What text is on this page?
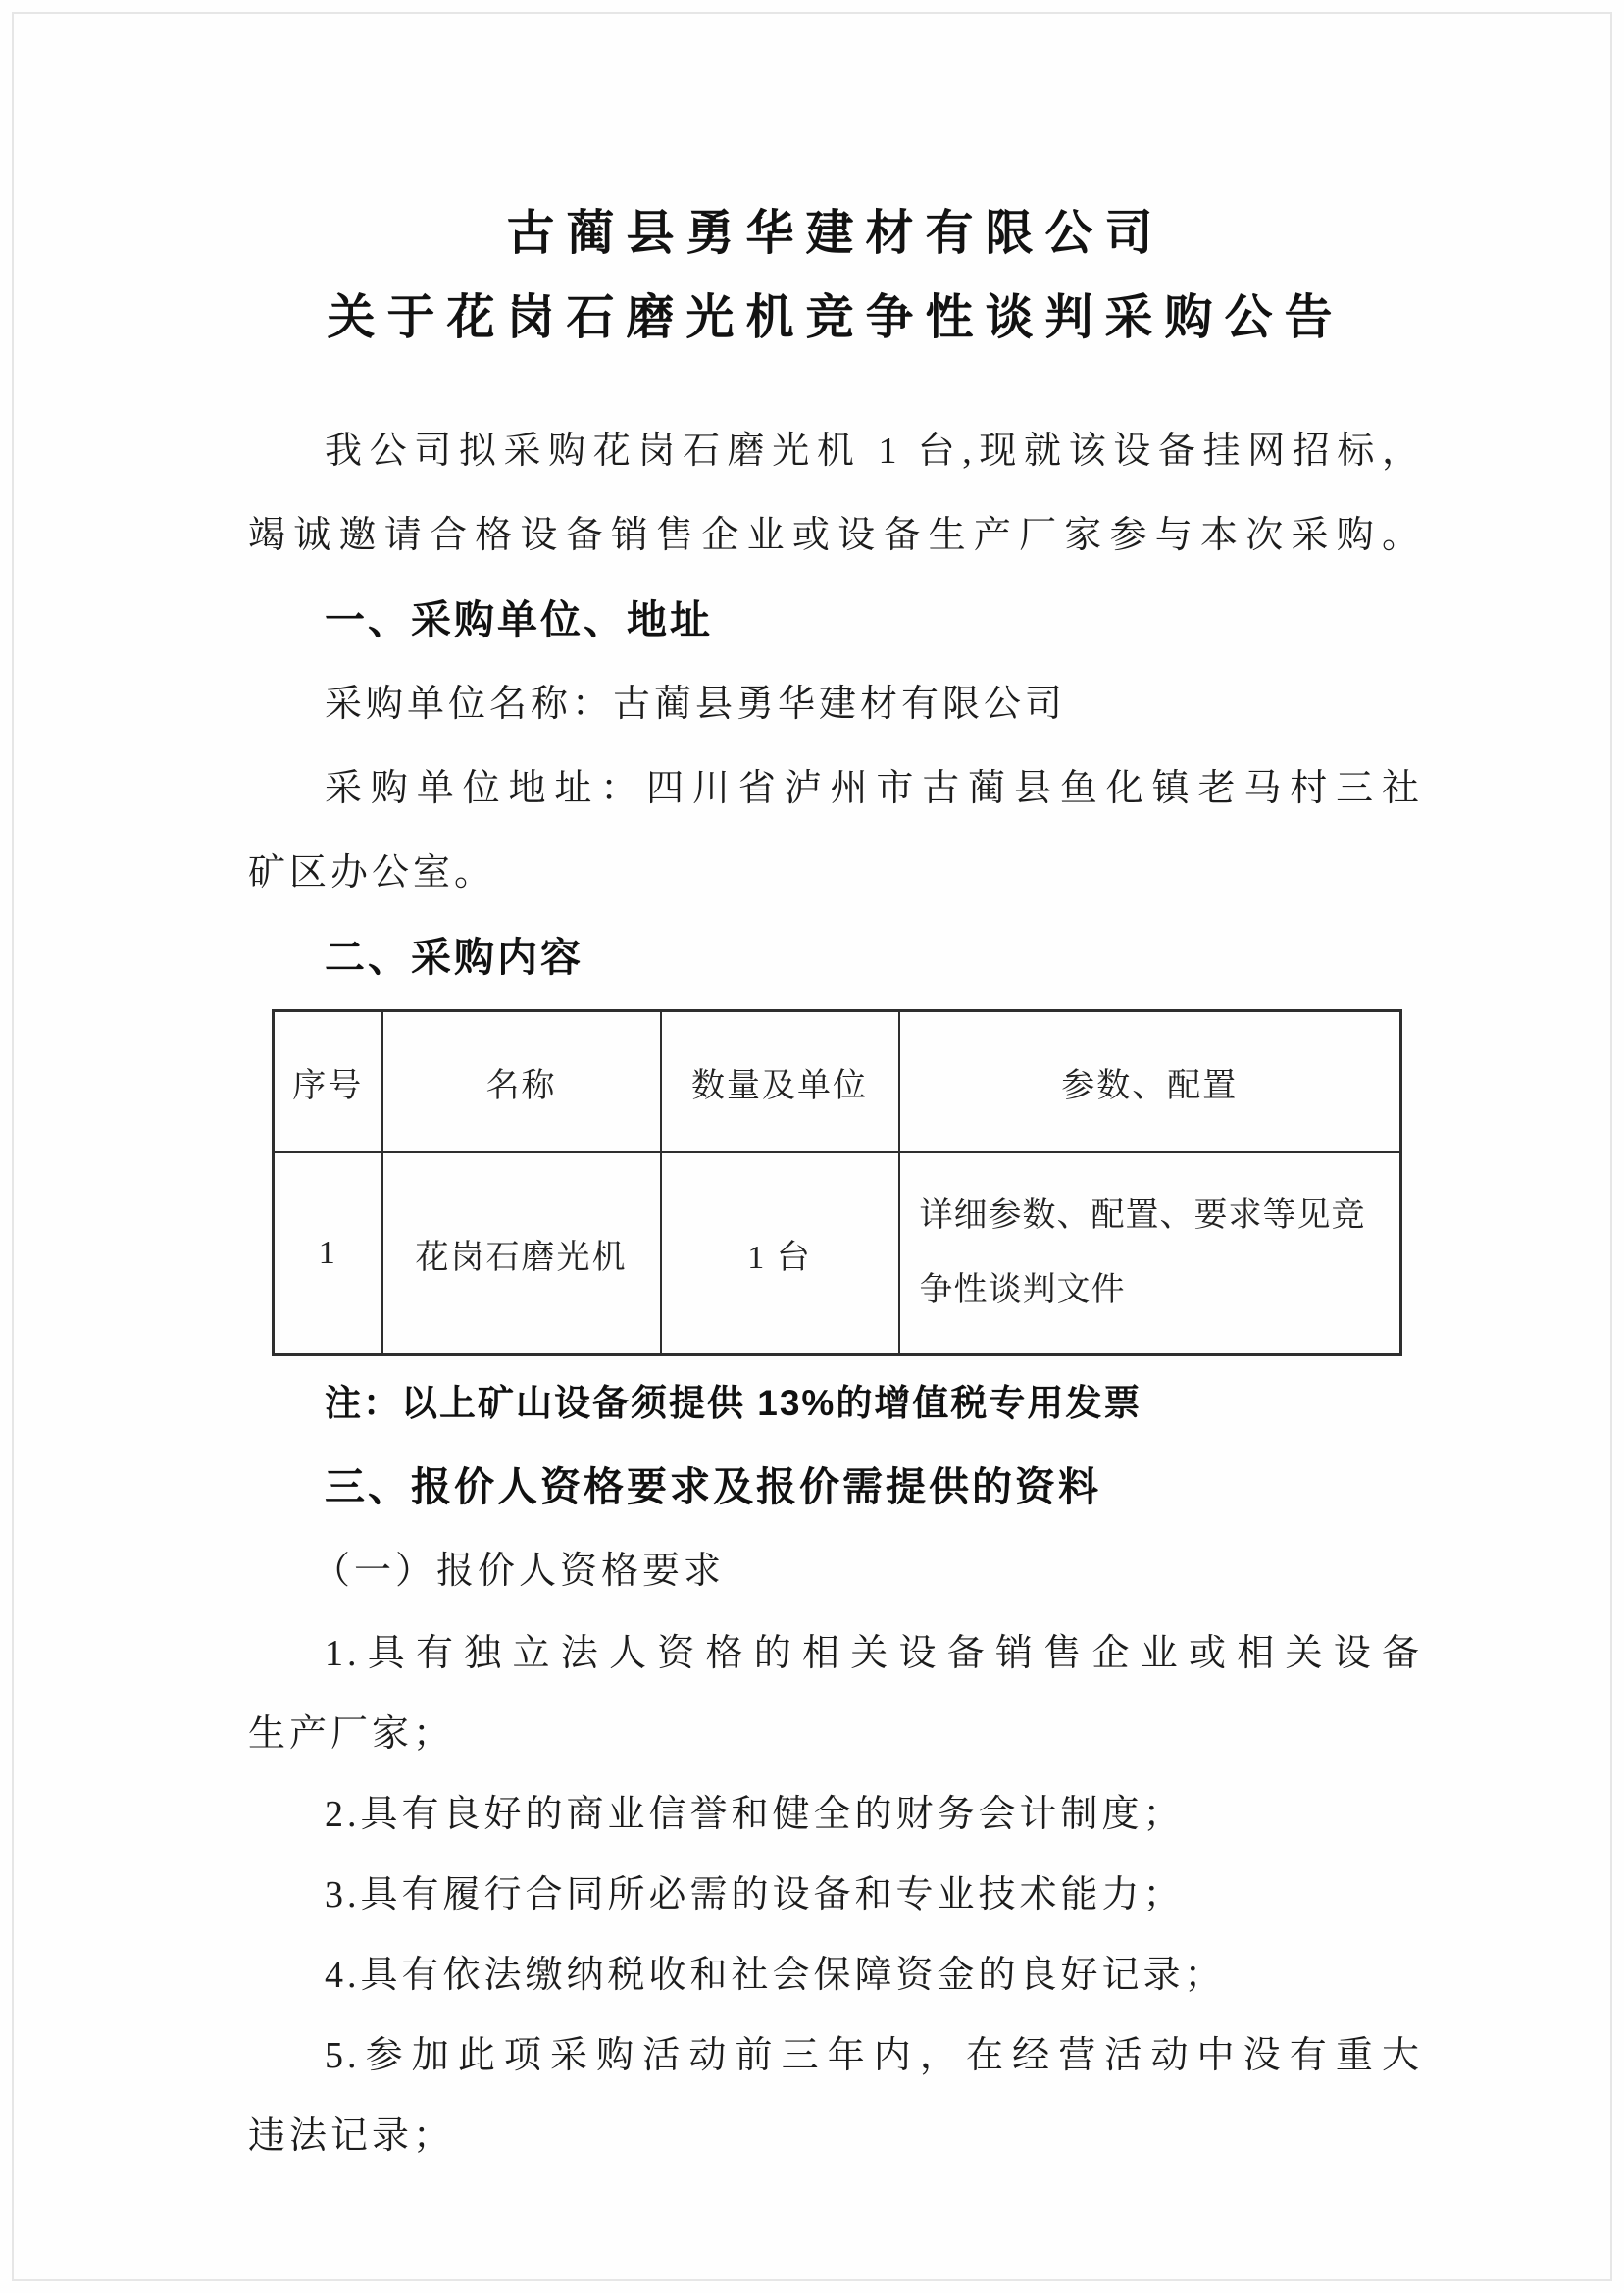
古蔺县勇华建材有限公司
关于花岗石磨光机竞争性谈判采购公告
我公司拟采购花岗石磨光机 1 台,现就该设备挂网招标，
竭诚邀请合格设备销售企业或设备生产厂家参与本次采购。
一、采购单位、地址
采购单位名称：古蔺县勇华建材有限公司
采购单位地址：四川省泸州市古蔺县鱼化镇老马村三社
矿区办公室。
二、采购内容
序号	名称	数量及单位	参数、配置
1	花岗石磨光机	1 台	详细参数、配置、要求等见竞争性谈判文件
注：以上矿山设备须提供 13%的增值税专用发票
三、报价人资格要求及报价需提供的资料
（一）报价人资格要求
1.具有独立法人资格的相关设备销售企业或相关设备
生产厂家；
2.具有良好的商业信誉和健全的财务会计制度；
3.具有履行合同所必需的设备和专业技术能力；
4.具有依法缴纳税收和社会保障资金的良好记录；
5.参加此项采购活动前三年内，在经营活动中没有重大
违法记录；
